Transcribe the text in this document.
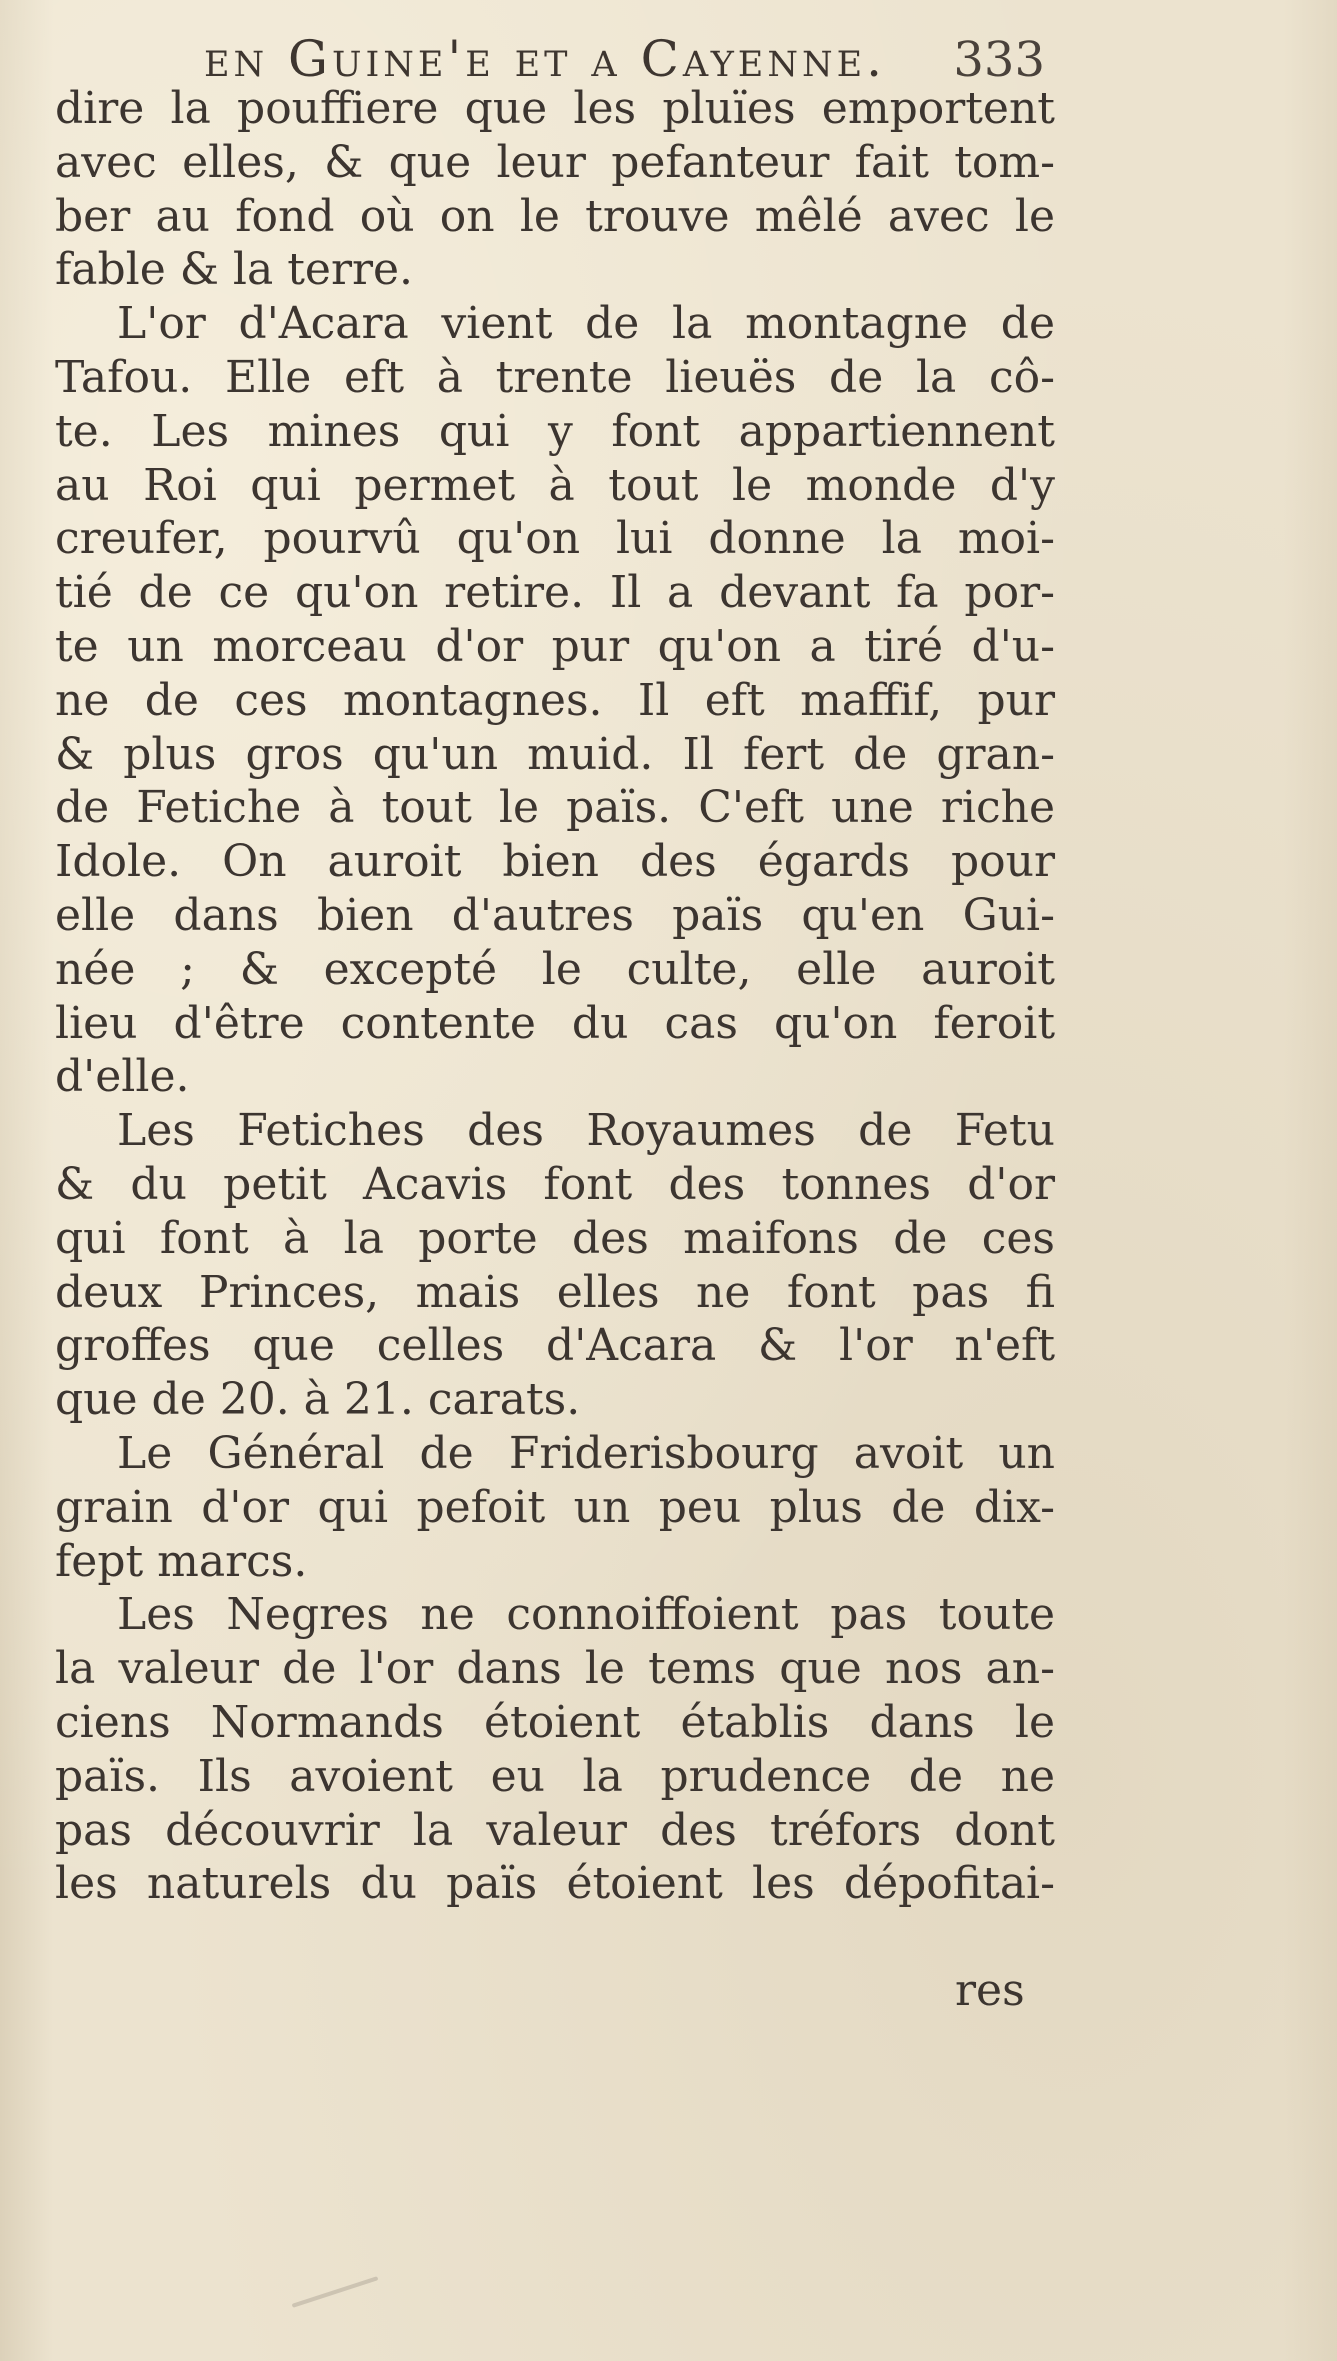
en Guine'e et a Cayenne.	333
dire la pouffiere que les pluïes emportent
avec elles, & que leur pefanteur fait tom-
ber au fond où on le trouve mêlé avec le
fable & la terre.
L'or d'Acara vient de la montagne de
Tafou. Elle eft à trente lieuës de la cô-
te. Les mines qui y font appartiennent
au Roi qui permet à tout le monde d'y
creufer, pourvû qu'on lui donne la moi-
tié de ce qu'on retire. Il a devant fa por-
te un morceau d'or pur qu'on a tiré d'u-
ne de ces montagnes. Il eft maffif, pur
& plus gros qu'un muid. Il fert de gran-
de Fetiche à tout le païs. C'eft une riche
Idole. On auroit bien des égards pour
elle dans bien d'autres païs qu'en Gui-
née ; & excepté le culte, elle auroit
lieu d'être contente du cas qu'on feroit
d'elle.
Les Fetiches des Royaumes de Fetu
& du petit Acavis font des tonnes d'or
qui font à la porte des maifons de ces
deux Princes, mais elles ne font pas fi
groffes que celles d'Acara & l'or n'eft
que de 20. à 21. carats.
Le Général de Friderisbourg avoit un
grain d'or qui pefoit un peu plus de dix-
fept marcs.
Les Negres ne connoiffoient pas toute
la valeur de l'or dans le tems que nos an-
ciens Normands étoient établis dans le
païs. Ils avoient eu la prudence de ne
pas découvrir la valeur des tréfors dont
les naturels du païs étoient les dépofitai-
res
